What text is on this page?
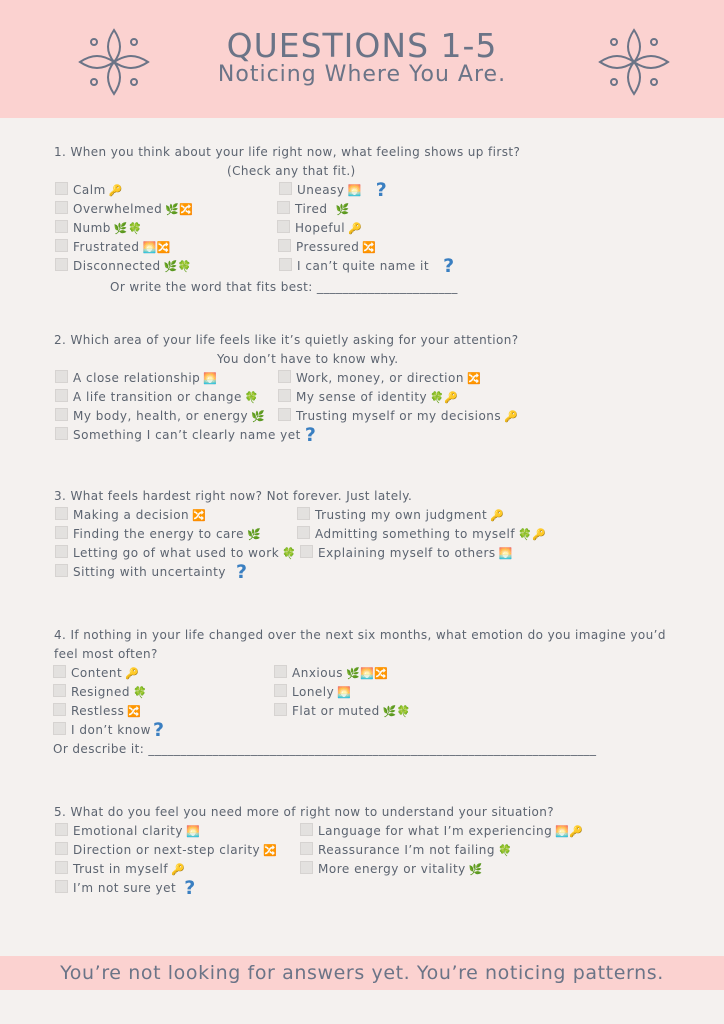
QUESTIONS 1-5
Noticing Where You Are.
1. When you think about your life right now, what feeling shows up first?
(Check any that fit.)
Calm 🔑	Uneasy 🌅 ?
Overwhelmed 🌿🔀	Tired 🌿
Numb 🌿🍀	Hopeful 🔑
Frustrated 🌅🔀	Pressured 🔀
Disconnected 🌿🍀	I can’t quite name it ?
Or write the word that fits best: ______________________
2. Which area of your life feels like it’s quietly asking for your attention?
You don’t have to know why.
A close relationship 🌅	Work, money, or direction 🔀
A life transition or change 🍀	My sense of identity 🍀🔑
My body, health, or energy 🌿	Trusting myself or my decisions 🔑
Something I can’t clearly name yet ?
3. What feels hardest right now? Not forever. Just lately.
Making a decision 🔀	Trusting my own judgment 🔑
Finding the energy to care 🌿	Admitting something to myself 🍀🔑
Letting go of what used to work 🍀	Explaining myself to others 🌅
Sitting with uncertainty ?
4. If nothing in your life changed over the next six months, what emotion do you imagine you’d
feel most often?
Content 🔑	Anxious 🌿🌅🔀
Resigned 🍀	Lonely 🌅
Restless 🔀	Flat or muted 🌿🍀
I don’t know ?
Or describe it: ______________________________________________________________________
5. What do you feel you need more of right now to understand your situation?
Emotional clarity 🌅	Language for what I’m experiencing 🌅🔑
Direction or next-step clarity 🔀	Reassurance I’m not failing 🍀
Trust in myself 🔑	More energy or vitality 🌿
I’m not sure yet ?
You’re not looking for answers yet. You’re noticing patterns.
